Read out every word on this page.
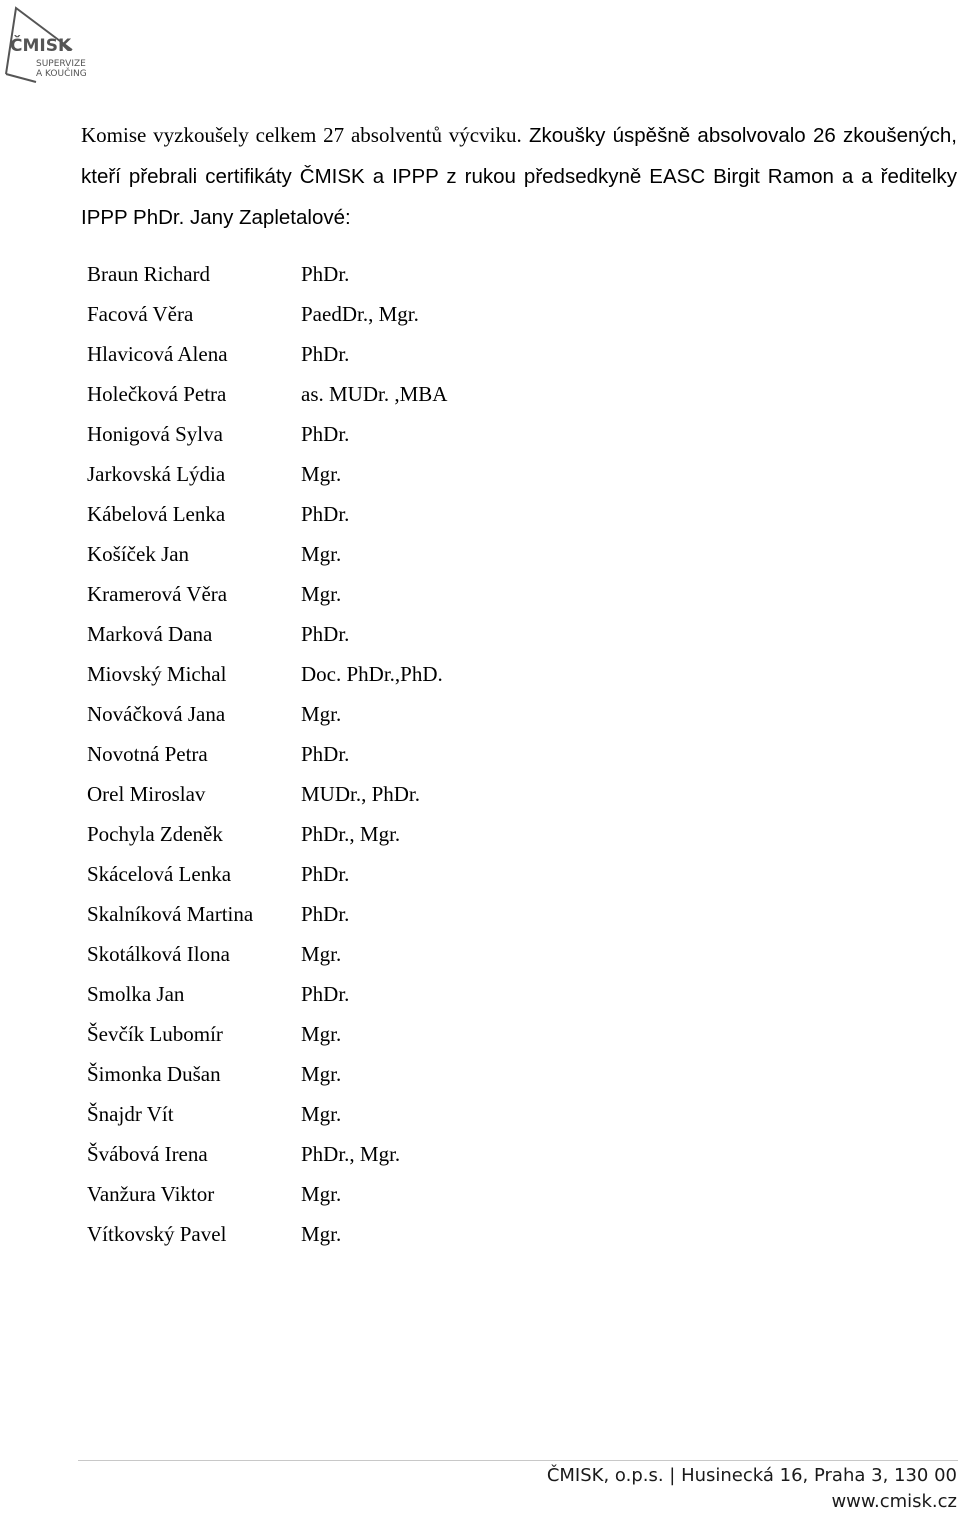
ČMISK
SUPERVIZE
A KOUČING

Komise vyzkoušely celkem 27 absolventů výcviku. Zkoušky úspěšně absolvovalo 26 zkoušených, kteří přebrali certifikáty ČMISK a IPPP z rukou předsedkyně EASC Birgit Ramon a a ředitelky IPPP PhDr. Jany Zapletalové:

Braun Richard	PhDr.
Facová Věra	PaedDr., Mgr.
Hlavicová Alena	PhDr.
Holečková Petra	as. MUDr. ,MBA
Honigová Sylva	PhDr.
Jarkovská Lýdia	Mgr.
Kábelová Lenka	PhDr.
Košíček Jan	Mgr.
Kramerová Věra	Mgr.
Marková Dana	PhDr.
Miovský Michal	Doc. PhDr.,PhD.
Nováčková Jana	Mgr.
Novotná Petra	PhDr.
Orel Miroslav	MUDr., PhDr.
Pochyla Zdeněk	PhDr., Mgr.
Skácelová Lenka	PhDr.
Skalníková Martina	PhDr.
Skotálková Ilona	Mgr.
Smolka Jan	PhDr.
Ševčík Lubomír	Mgr.
Šimonka Dušan	Mgr.
Šnajdr Vít	Mgr.
Švábová Irena	PhDr., Mgr.
Vanžura Viktor	Mgr.
Vítkovský Pavel	Mgr.
ČMISK, o.p.s. | Husinecká 16, Praha 3, 130 00
www.cmisk.cz
